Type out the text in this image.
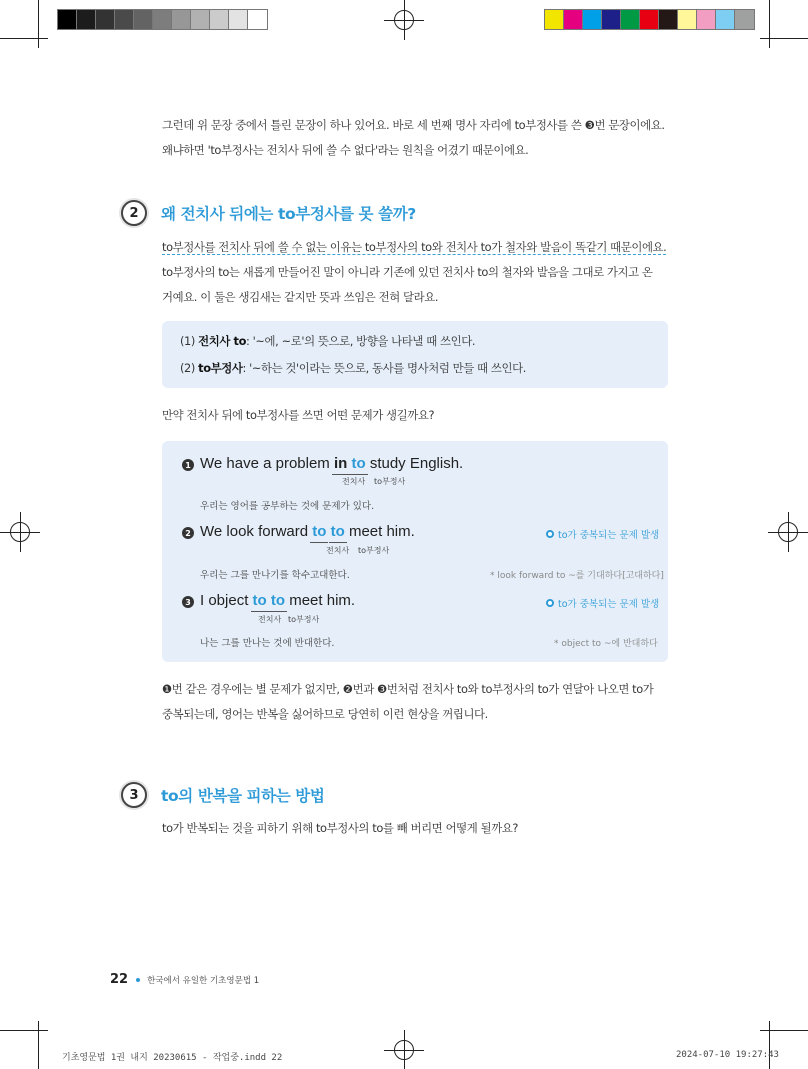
기초영문법 1권 내지 20230615 - 작업중.indd 22	2024-07-10 19:27:43
그런데 위 문장 중에서 틀린 문장이 하나 있어요. 바로 세 번째 명사 자리에 to부정사를 쓴 ❸번 문장이에요.
왜냐하면 'to부정사는 전치사 뒤에 쓸 수 없다'라는 원칙을 어겼기 때문이에요.
2	왜 전치사 뒤에는 to부정사를 못 쓸까?
to부정사를 전치사 뒤에 쓸 수 없는 이유는 to부정사의 to와 전치사 to가 철자와 발음이 똑같기 때문이에요.
to부정사의 to는 새롭게 만들어진 말이 아니라 기존에 있던 전치사 to의 철자와 발음을 그대로 가지고 온
거예요. 이 둘은 생김새는 같지만 뜻과 쓰임은 전혀 달라요.
(1) 전치사 to: '~에, ~로'의 뜻으로, 방향을 나타낼 때 쓰인다.
(2) to부정사: '~하는 것'이라는 뜻으로, 동사를 명사처럼 만들 때 쓰인다.
만약 전치사 뒤에 to부정사를 쓰면 어떤 문제가 생길까요?
1 We have a problem in to study English.
전치사 to부정사
우리는 영어를 공부하는 것에 문제가 있다.
2 We look forward to to meet him.	to가 중복되는 문제 발생
전치사 to부정사
우리는 그를 만나기를 학수고대한다.	* look forward to ~를 기대하다[고대하다]
3 I object to to meet him.	to가 중복되는 문제 발생
전치사 to부정사
나는 그를 만나는 것에 반대한다.	* object to ~에 반대하다
❶번 같은 경우에는 별 문제가 없지만, ❷번과 ❸번처럼 전치사 to와 to부정사의 to가 연달아 나오면 to가
중복되는데, 영어는 반복을 싫어하므로 당연히 이런 현상을 꺼립니다.
3	to의 반복을 피하는 방법
to가 반복되는 것을 피하기 위해 to부정사의 to를 빼 버리면 어떻게 될까요?
22 한국에서 유일한 기초영문법 1
